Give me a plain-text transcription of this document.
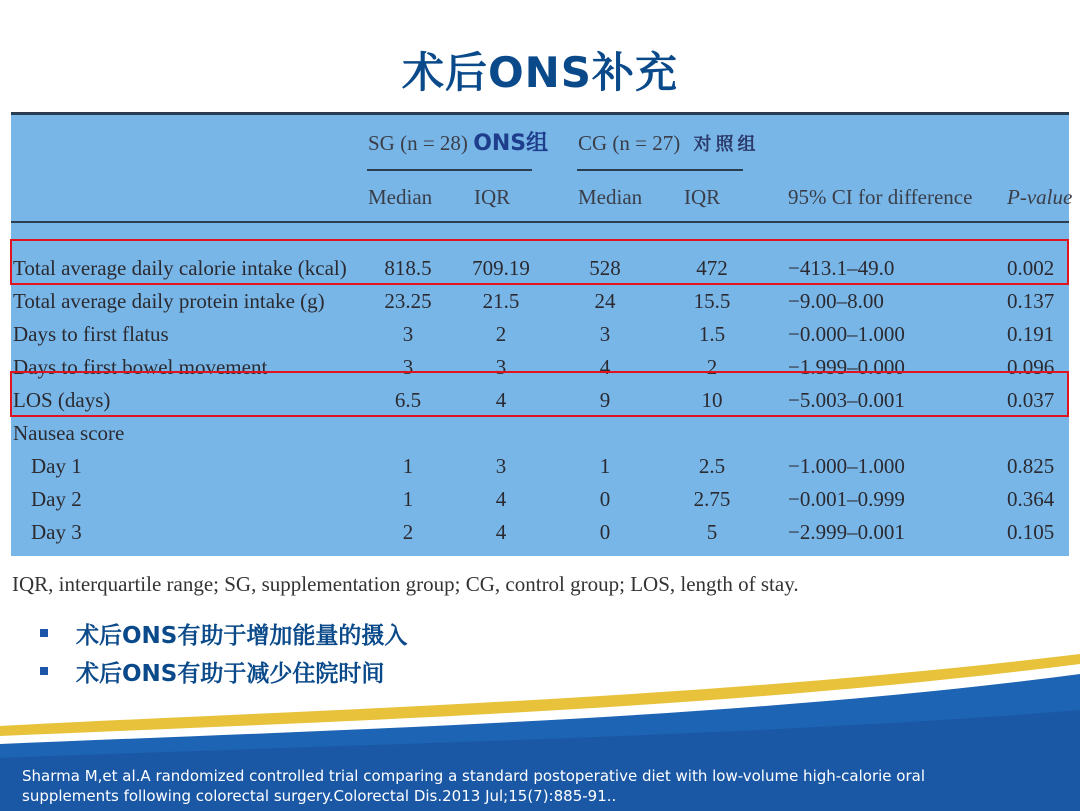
术后ONS补充
SG (n = 28) ONS组 CG (n = 27) 对照组
Median IQR	Median IQR	95% CI for difference P-value
Total average daily calorie intake (kcal)	818.5	709.19	528	472	−413.1–49.0	0.002
Total average daily protein intake (g)	23.25	21.5	24	15.5	−9.00–8.00	0.137
Days to first flatus	3	2	3	1.5	−0.000–1.000	0.191
Days to first bowel movement	3	3	4	2	−1.999–0.000	0.096
LOS (days)	6.5	4	9	10	−5.003–0.001	0.037
Nausea score
Day 1	1	3	1	2.5	−1.000–1.000	0.825
Day 2	1	4	0	2.75	−0.001–0.999	0.364
Day 3	2	4	0	5	−2.999–0.001	0.105
IQR, interquartile range; SG, supplementation group; CG, control group; LOS, length of stay.
术后ONS有助于增加能量的摄入
术后ONS有助于减少住院时间
Sharma M,et al.A randomized controlled trial comparing a standard postoperative diet with low-volume high-calorie oral supplements following colorectal surgery.Colorectal Dis.2013 Jul;15(7):885-91..
